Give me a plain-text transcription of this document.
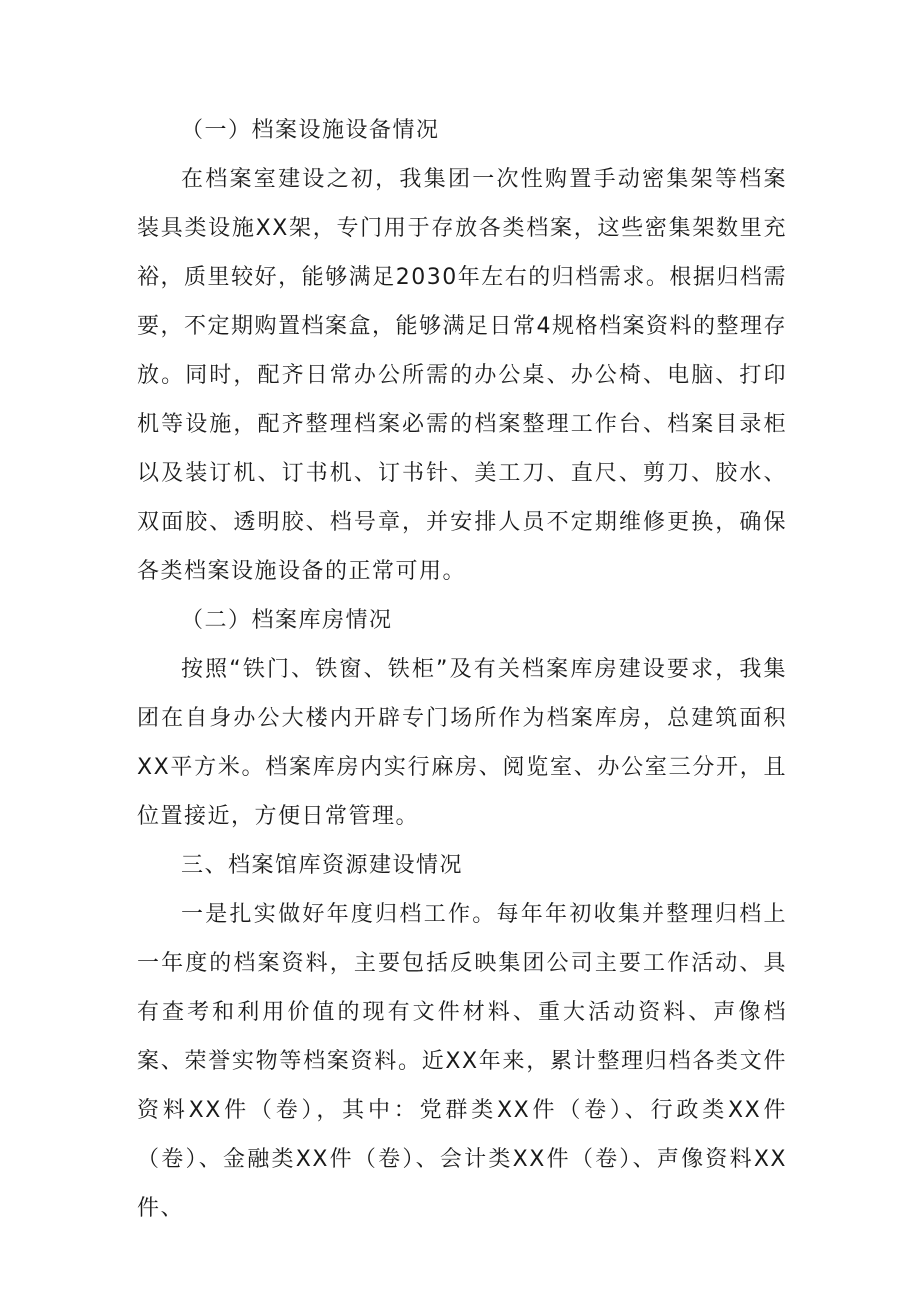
（一）档案设施设备情况

在档案室建设之初，我集团一次性购置手动密集架等档案装具类设施XX架，专门用于存放各类档案，这些密集架数里充裕，质里较好，能够满足2030年左右的归档需求。根据归档需要，不定期购置档案盒，能够满足日常4规格档案资料的整理存放。同时，配齐日常办公所需的办公桌、办公椅、电脑、打印机等设施，配齐整理档案必需的档案整理工作台、档案目录柜以及装订机、订书机、订书针、美工刀、直尺、剪刀、胶水、双面胶、透明胶、档号章，并安排人员不定期维修更换，确保各类档案设施设备的正常可用。

（二）档案库房情况

按照“铁门、铁窗、铁柜”及有关档案库房建设要求，我集团在自身办公大楼内开辟专门场所作为档案库房，总建筑面积XX平方米。档案库房内实行麻房、阅览室、办公室三分开，且位置接近，方便日常管理。

三、档案馆库资源建设情况

一是扎实做好年度归档工作。每年年初收集并整理归档上一年度的档案资料，主要包括反映集团公司主要工作活动、具有查考和利用价值的现有文件材料、重大活动资料、声像档案、荣誉实物等档案资料。近XX年来，累计整理归档各类文件资料XX件（卷），其中：党群类XX件（卷）、行政类XX件（卷）、金融类XX件（卷）、会计类XX件（卷）、声像资料XX件、
